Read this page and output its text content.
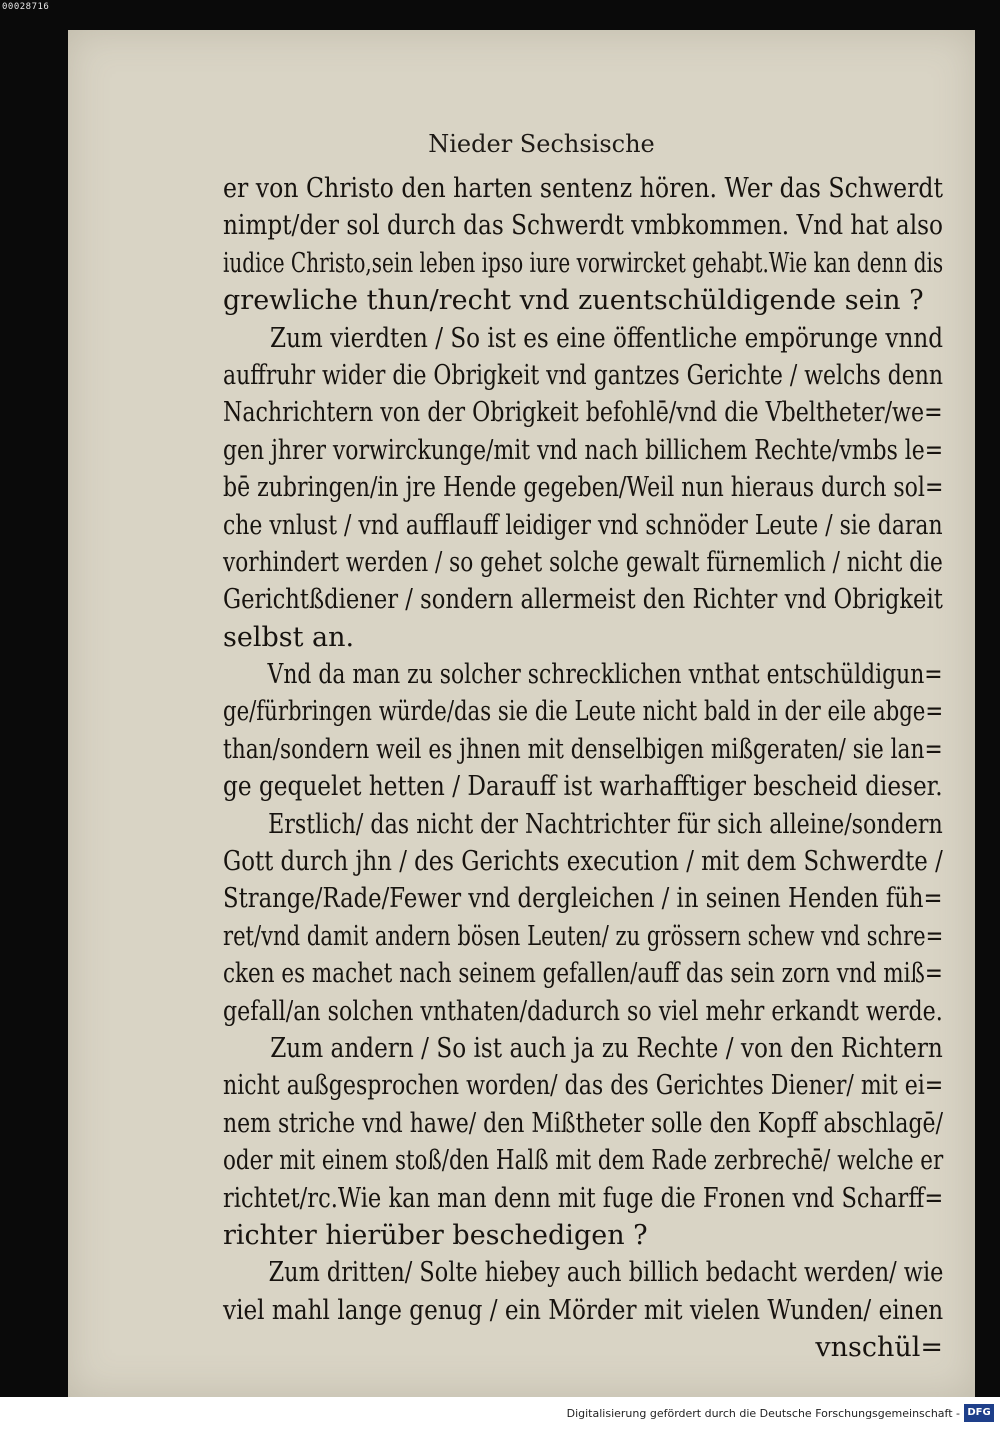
00028716
Nieder Sechsische
er von Christo den harten sentenz hören. Wer das Schwerdt
nimpt/der sol durch das Schwerdt vmbkommen. Vnd hat also
iudice Christo,sein leben ipso iure vorwircket gehabt.Wie kan denn dis
grewliche thun/recht vnd zuentschüldigende sein ?
Zum vierdten / So ist es eine öffentliche empörunge vnnd
auffruhr wider die Obrigkeit vnd gantzes Gerichte / welchs denn
Nachrichtern von der Obrigkeit befohlē/vnd die Vbeltheter/we=
gen jhrer vorwirckunge/mit vnd nach billichem Rechte/vmbs le=
bē zubringen/in jre Hende gegeben/Weil nun hieraus durch sol=
che vnlust / vnd aufflauff leidiger vnd schnöder Leute / sie daran
vorhindert werden / so gehet solche gewalt fürnemlich / nicht die
Gerichtßdiener / sondern allermeist den Richter vnd Obrigkeit
selbst an.
Vnd da man zu solcher schrecklichen vnthat entschüldigun=
ge/fürbringen würde/das sie die Leute nicht bald in der eile abge=
than/sondern weil es jhnen mit denselbigen mißgeraten/ sie lan=
ge gequelet hetten / Darauff ist warhafftiger bescheid dieser.
Erstlich/ das nicht der Nachtrichter für sich alleine/sondern
Gott durch jhn / des Gerichts execution / mit dem Schwerdte /
Strange/Rade/Fewer vnd dergleichen / in seinen Henden füh=
ret/vnd damit andern bösen Leuten/ zu grössern schew vnd schre=
cken es machet nach seinem gefallen/auff das sein zorn vnd miß=
gefall/an solchen vnthaten/dadurch so viel mehr erkandt werde.
Zum andern / So ist auch ja zu Rechte / von den Richtern
nicht außgesprochen worden/ das des Gerichtes Diener/ mit ei=
nem striche vnd hawe/ den Mißtheter solle den Kopff abschlagē/
oder mit einem stoß/den Halß mit dem Rade zerbrechē/ welche er
richtet/rc.Wie kan man denn mit fuge die Fronen vnd Scharff=
richter hierüber beschedigen ?
Zum dritten/ Solte hiebey auch billich bedacht werden/ wie
viel mahl lange genug / ein Mörder mit vielen Wunden/ einen
vnschül=
Digitalisierung gefördert durch die Deutsche Forschungsgemeinschaft - DFG
